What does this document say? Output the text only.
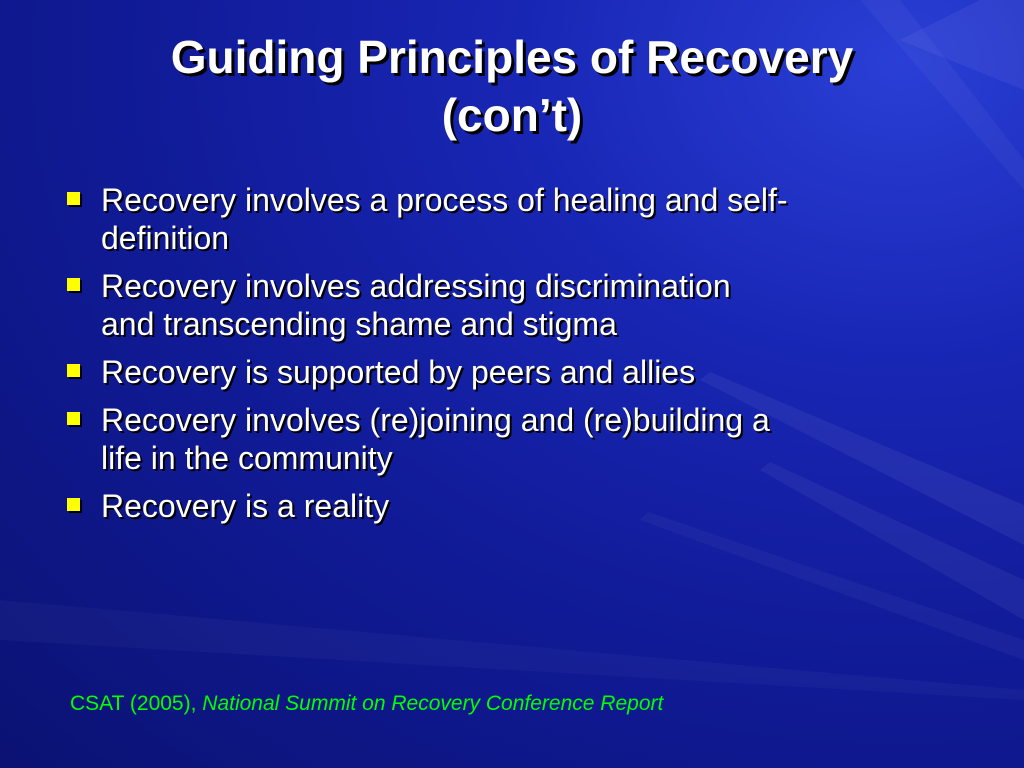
Guiding Principles of Recovery
(con’t)
Recovery involves a process of healing and self-
definition
Recovery involves addressing discrimination
and transcending shame and stigma
Recovery is supported by peers and allies
Recovery involves (re)joining and (re)building a
life in the community
Recovery is a reality
CSAT (2005), National Summit on Recovery Conference Report
